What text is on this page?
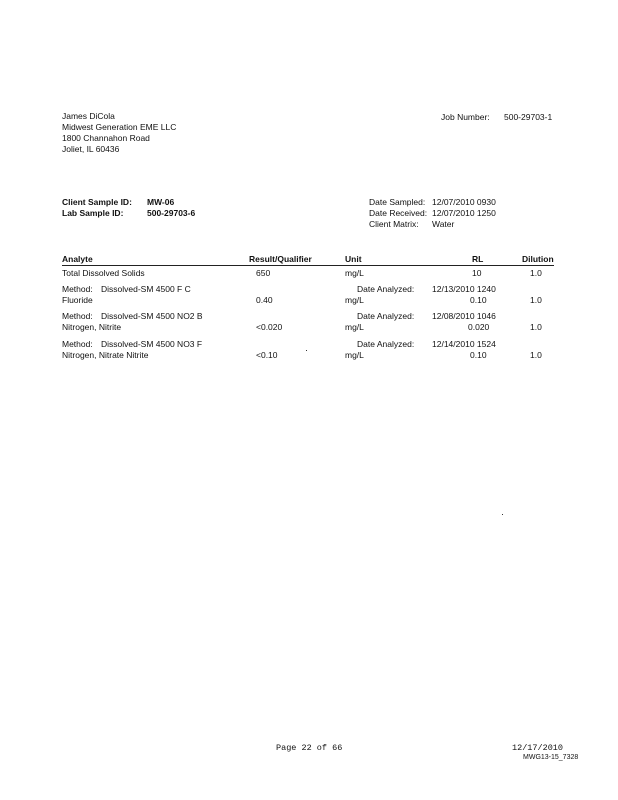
James DiCola
Midwest Generation EME LLC
1800 Channahon Road
Joliet, IL 60436
Job Number: 500-29703-1
Client Sample ID: MW-06
Lab Sample ID:	500-29703-6
Date Sampled: 12/07/2010 0930
Date Received: 12/07/2010 1250
Client Matrix: Water
Analyte	Result/Qualifier	Unit	RL	Dilution
Total Dissolved Solids	650	mg/L	10	1.0
Method: Dissolved-SM 4500 F C	Date Analyzed: 12/13/2010 1240
Fluoride	0.40	mg/L	0.10	1.0
Method: Dissolved-SM 4500 NO2 B	Date Analyzed: 12/08/2010 1046
Nitrogen, Nitrite	<0.020	mg/L	0.020	1.0
Method: Dissolved-SM 4500 NO3 F	Date Analyzed: 12/14/2010 1524
Nitrogen, Nitrate Nitrite	<0.10	mg/L	0.10	1.0
Page 22 of 66	12/17/2010
MWG13-15_7328
